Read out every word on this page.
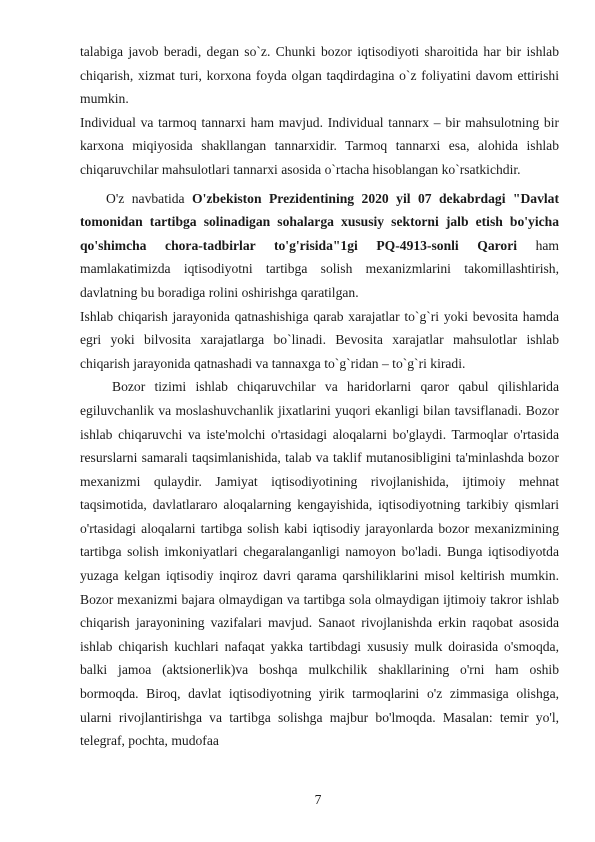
talabiga javob beradi, degan so`z. Chunki bozor iqtisodiyoti sharoitida har bir ishlab chiqarish, xizmat turi, korxona foyda olgan taqdirdagina o`z foliyatini davom ettirishi mumkin.

Individual va tarmoq tannarxi ham mavjud. Individual tannarx – bir mahsulotning bir karxona miqiyosida shakllangan tannarxidir. Tarmoq tannarxi esa, alohida ishlab chiqaruvchilar mahsulotlari tannarxi asosida o`rtacha hisoblangan ko`rsatkichdir.

O'z navbatida O'zbekiston Prezidentining 2020 yil 07 dekabrdagi "Davlat tomonidan tartibga solinadigan sohalarga xususiy sektorni jalb etish bo'yicha qo'shimcha chora-tadbirlar to'g'risida"1gi PQ-4913-sonli Qarori ham mamlakatimizda iqtisodiyotni tartibga solish mexanizmlarini takomillashtirish, davlatning bu boradiga rolini oshirishga qaratilgan.

Ishlab chiqarish jarayonida qatnashishiga qarab xarajatlar to`g`ri yoki bevosita hamda egri yoki bilvosita xarajatlarga bo`linadi. Bevosita xarajatlar mahsulotlar ishlab chiqarish jarayonida qatnashadi va tannaxga to`g`ridan – to`g`ri kiradi.

Bozor tizimi ishlab chiqaruvchilar va haridorlarni qaror qabul qilishlarida egiluvchanlik va moslashuvchanlik jixatlarini yuqori ekanligi bilan tavsiflanadi. Bozor ishlab chiqaruvchi va iste'molchi o'rtasidagi aloqalarni bo'glaydi. Tarmoqlar o'rtasida resurslarni samarali taqsimlanishida, talab va taklif mutanosibligini ta'minlashda bozor mexanizmi qulaydir. Jamiyat iqtisodiyotining rivojlanishida, ijtimoiy mehnat taqsimotida, davlatlararo aloqalarning kengayishida, iqtisodiyotning tarkibiy qismlari o'rtasidagi aloqalarni tartibga solish kabi iqtisodiy jarayonlarda bozor mexanizmining tartibga solish imkoniyatlari chegaralanganligi namoyon bo'ladi. Bunga iqtisodiyotda yuzaga kelgan iqtisodiy inqiroz davri qarama qarshiliklarini misol keltirish mumkin. Bozor mexanizmi bajara olmaydigan va tartibga sola olmaydigan ijtimoiy takror ishlab chiqarish jarayonining vazifalari mavjud. Sanaot rivojlanishda erkin raqobat asosida ishlab chiqarish kuchlari nafaqat yakka tartibdagi xususiy mulk doirasida o'smoqda, balki jamoa (aktsionerlik)va boshqa mulkchilik shakllarining o'rni ham oshib bormoqda. Biroq, davlat iqtisodiyotning yirik tarmoqlarini o'z zimmasiga olishga, ularni rivojlantirishga va tartibga solishga majbur bo'lmoqda. Masalan: temir yo'l, telegraf, pochta, mudofaa

7
